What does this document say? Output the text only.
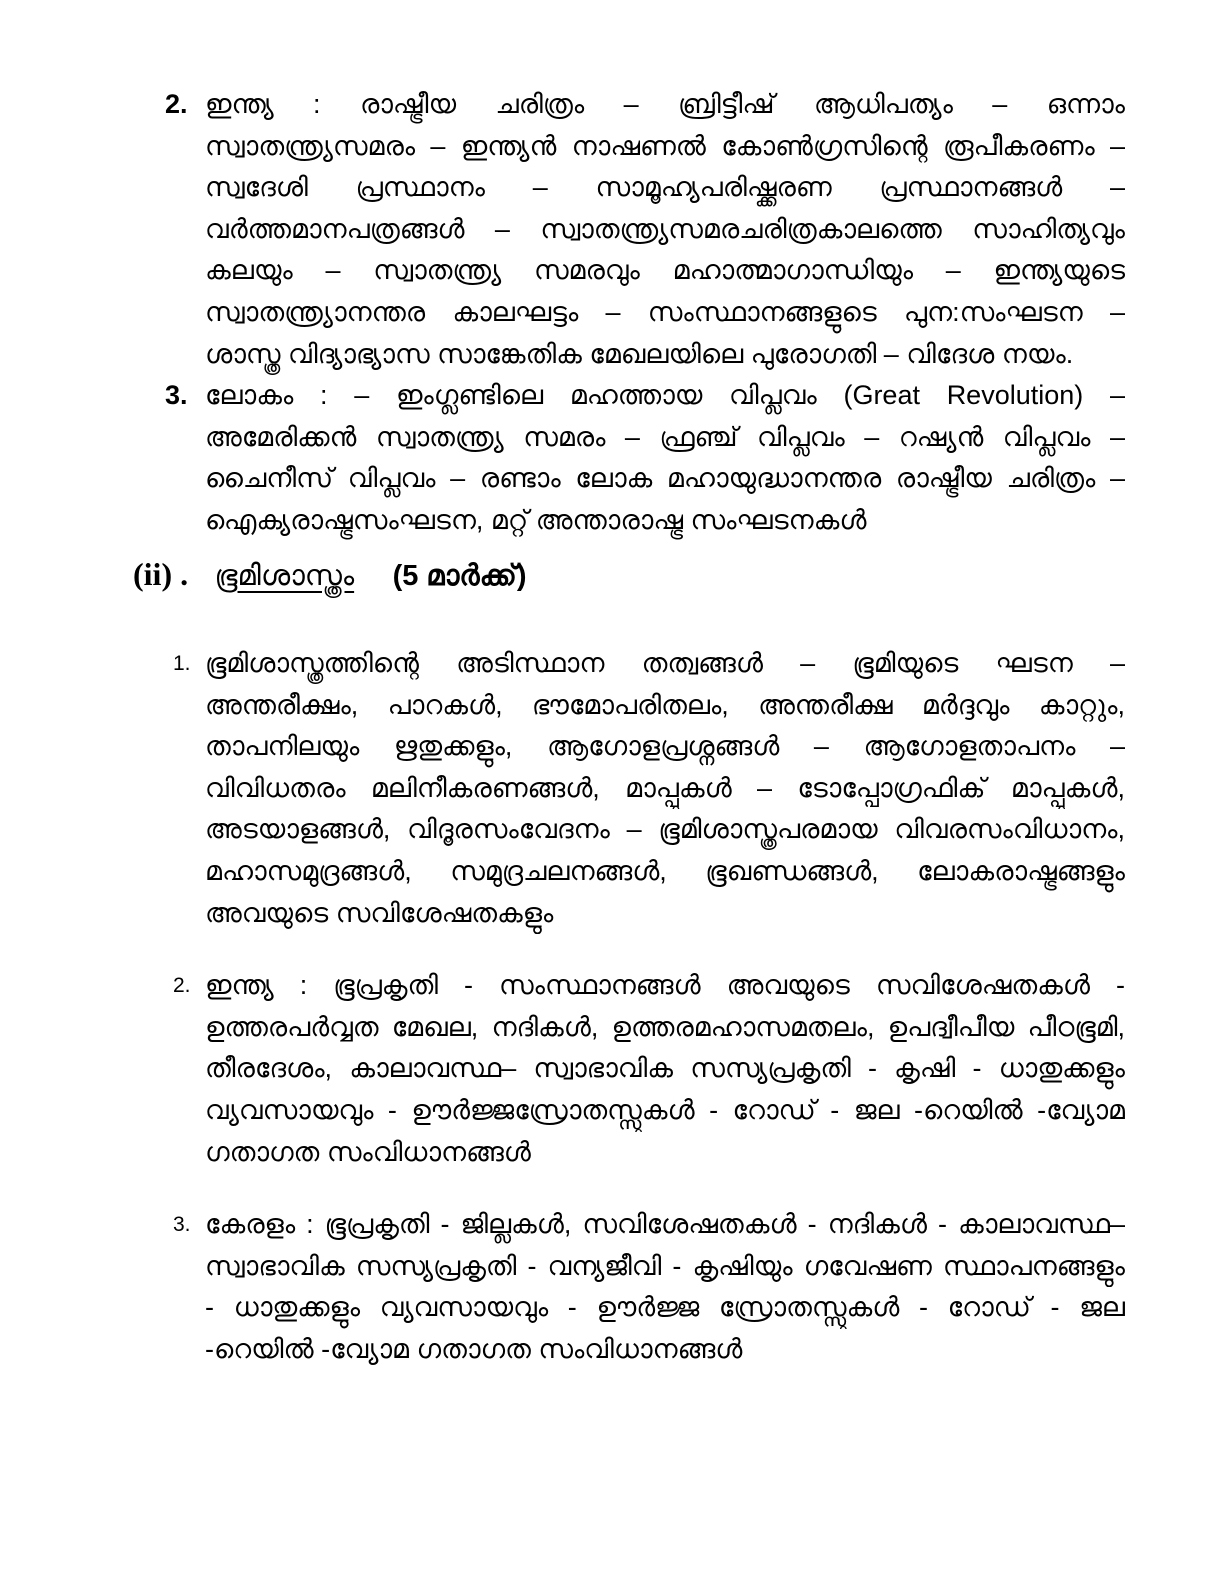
2. ഇന്ത്യ : രാഷ്ട്രീയ ചരിത്രം – ബ്രിട്ടീഷ് ആധിപത്യം – ഒന്നാം
സ്വാതന്ത്ര്യസമരം – ഇന്ത്യൻ നാഷണൽ കോൺഗ്രസിന്റെ രൂപീകരണം –
സ്വദേശി പ്രസ്ഥാനം – സാമൂഹ്യപരിഷ്ക്കരണ പ്രസ്ഥാനങ്ങൾ –
വർത്തമാനപത്രങ്ങൾ – സ്വാതന്ത്ര്യസമരചരിത്രകാലത്തെ സാഹിത്യവും
കലയും – സ്വാതന്ത്ര്യ സമരവും മഹാത്മാഗാന്ധിയും – ഇന്ത്യയുടെ
സ്വാതന്ത്ര്യാനന്തര കാലഘട്ടം – സംസ്ഥാനങ്ങളുടെ പുന:സംഘടന –
ശാസ്ത്ര വിദ്യാഭ്യാസ സാങ്കേതിക മേഖലയിലെ പുരോഗതി – വിദേശ നയം.
3. ലോകം : – ഇംഗ്ലണ്ടിലെ മഹത്തായ വിപ്ലവം (Great Revolution) –
അമേരിക്കൻ സ്വാതന്ത്ര്യ സമരം – ഫ്രഞ്ച് വിപ്ലവം – റഷ്യൻ വിപ്ലവം –
ചൈനീസ് വിപ്ലവം – രണ്ടാം ലോക മഹായുദ്ധാനന്തര രാഷ്ട്രീയ ചരിത്രം –
ഐക്യരാഷ്ട്രസംഘടന, മറ്റ് അന്താരാഷ്ട്ര സംഘടനകൾ
(ii) . ഭൂമിശാസ്ത്രം (5 മാർക്ക്)
1. ഭൂമിശാസ്ത്രത്തിന്റെ അടിസ്ഥാന തത്വങ്ങൾ – ഭൂമിയുടെ ഘടന –
അന്തരീക്ഷം, പാറകൾ, ഭൗമോപരിതലം, അന്തരീക്ഷ മർദ്ദവും കാറ്റും,
താപനിലയും ഋതുക്കളും, ആഗോളപ്രശ്നങ്ങൾ – ആഗോളതാപനം –
വിവിധതരം മലിനീകരണങ്ങൾ, മാപ്പുകൾ – ടോപ്പോഗ്രഫിക് മാപ്പുകൾ,
അടയാളങ്ങൾ, വിദൂരസംവേദനം – ഭൂമിശാസ്ത്രപരമായ വിവരസംവിധാനം,
മഹാസമുദ്രങ്ങൾ, സമുദ്രചലനങ്ങൾ, ഭൂഖണ്ഡങ്ങൾ, ലോകരാഷ്ട്രങ്ങളും
അവയുടെ സവിശേഷതകളും
2. ഇന്ത്യ : ഭൂപ്രകൃതി - സംസ്ഥാനങ്ങൾ അവയുടെ സവിശേഷതകൾ -
ഉത്തരപർവ്വത മേഖല, നദികൾ, ഉത്തരമഹാസമതലം, ഉപദ്വീപീയ പീഠഭൂമി,
തീരദേശം, കാലാവസ്ഥ– സ്വാഭാവിക സസ്യപ്രകൃതി - കൃഷി - ധാതുക്കളും
വ്യവസായവും - ഊർജ്ജസ്രോതസ്സുകൾ - റോഡ് - ജല -റെയിൽ -വ്യോമ
ഗതാഗത സംവിധാനങ്ങൾ
3. കേരളം : ഭൂപ്രകൃതി - ജില്ലകൾ, സവിശേഷതകൾ - നദികൾ - കാലാവസ്ഥ–
സ്വാഭാവിക സസ്യപ്രകൃതി - വന്യജീവി - കൃഷിയും ഗവേഷണ സ്ഥാപനങ്ങളും
- ധാതുക്കളും വ്യവസായവും - ഊർജ്ജ സ്രോതസ്സുകൾ - റോഡ് - ജല
-റെയിൽ -വ്യോമ ഗതാഗത സംവിധാനങ്ങൾ
